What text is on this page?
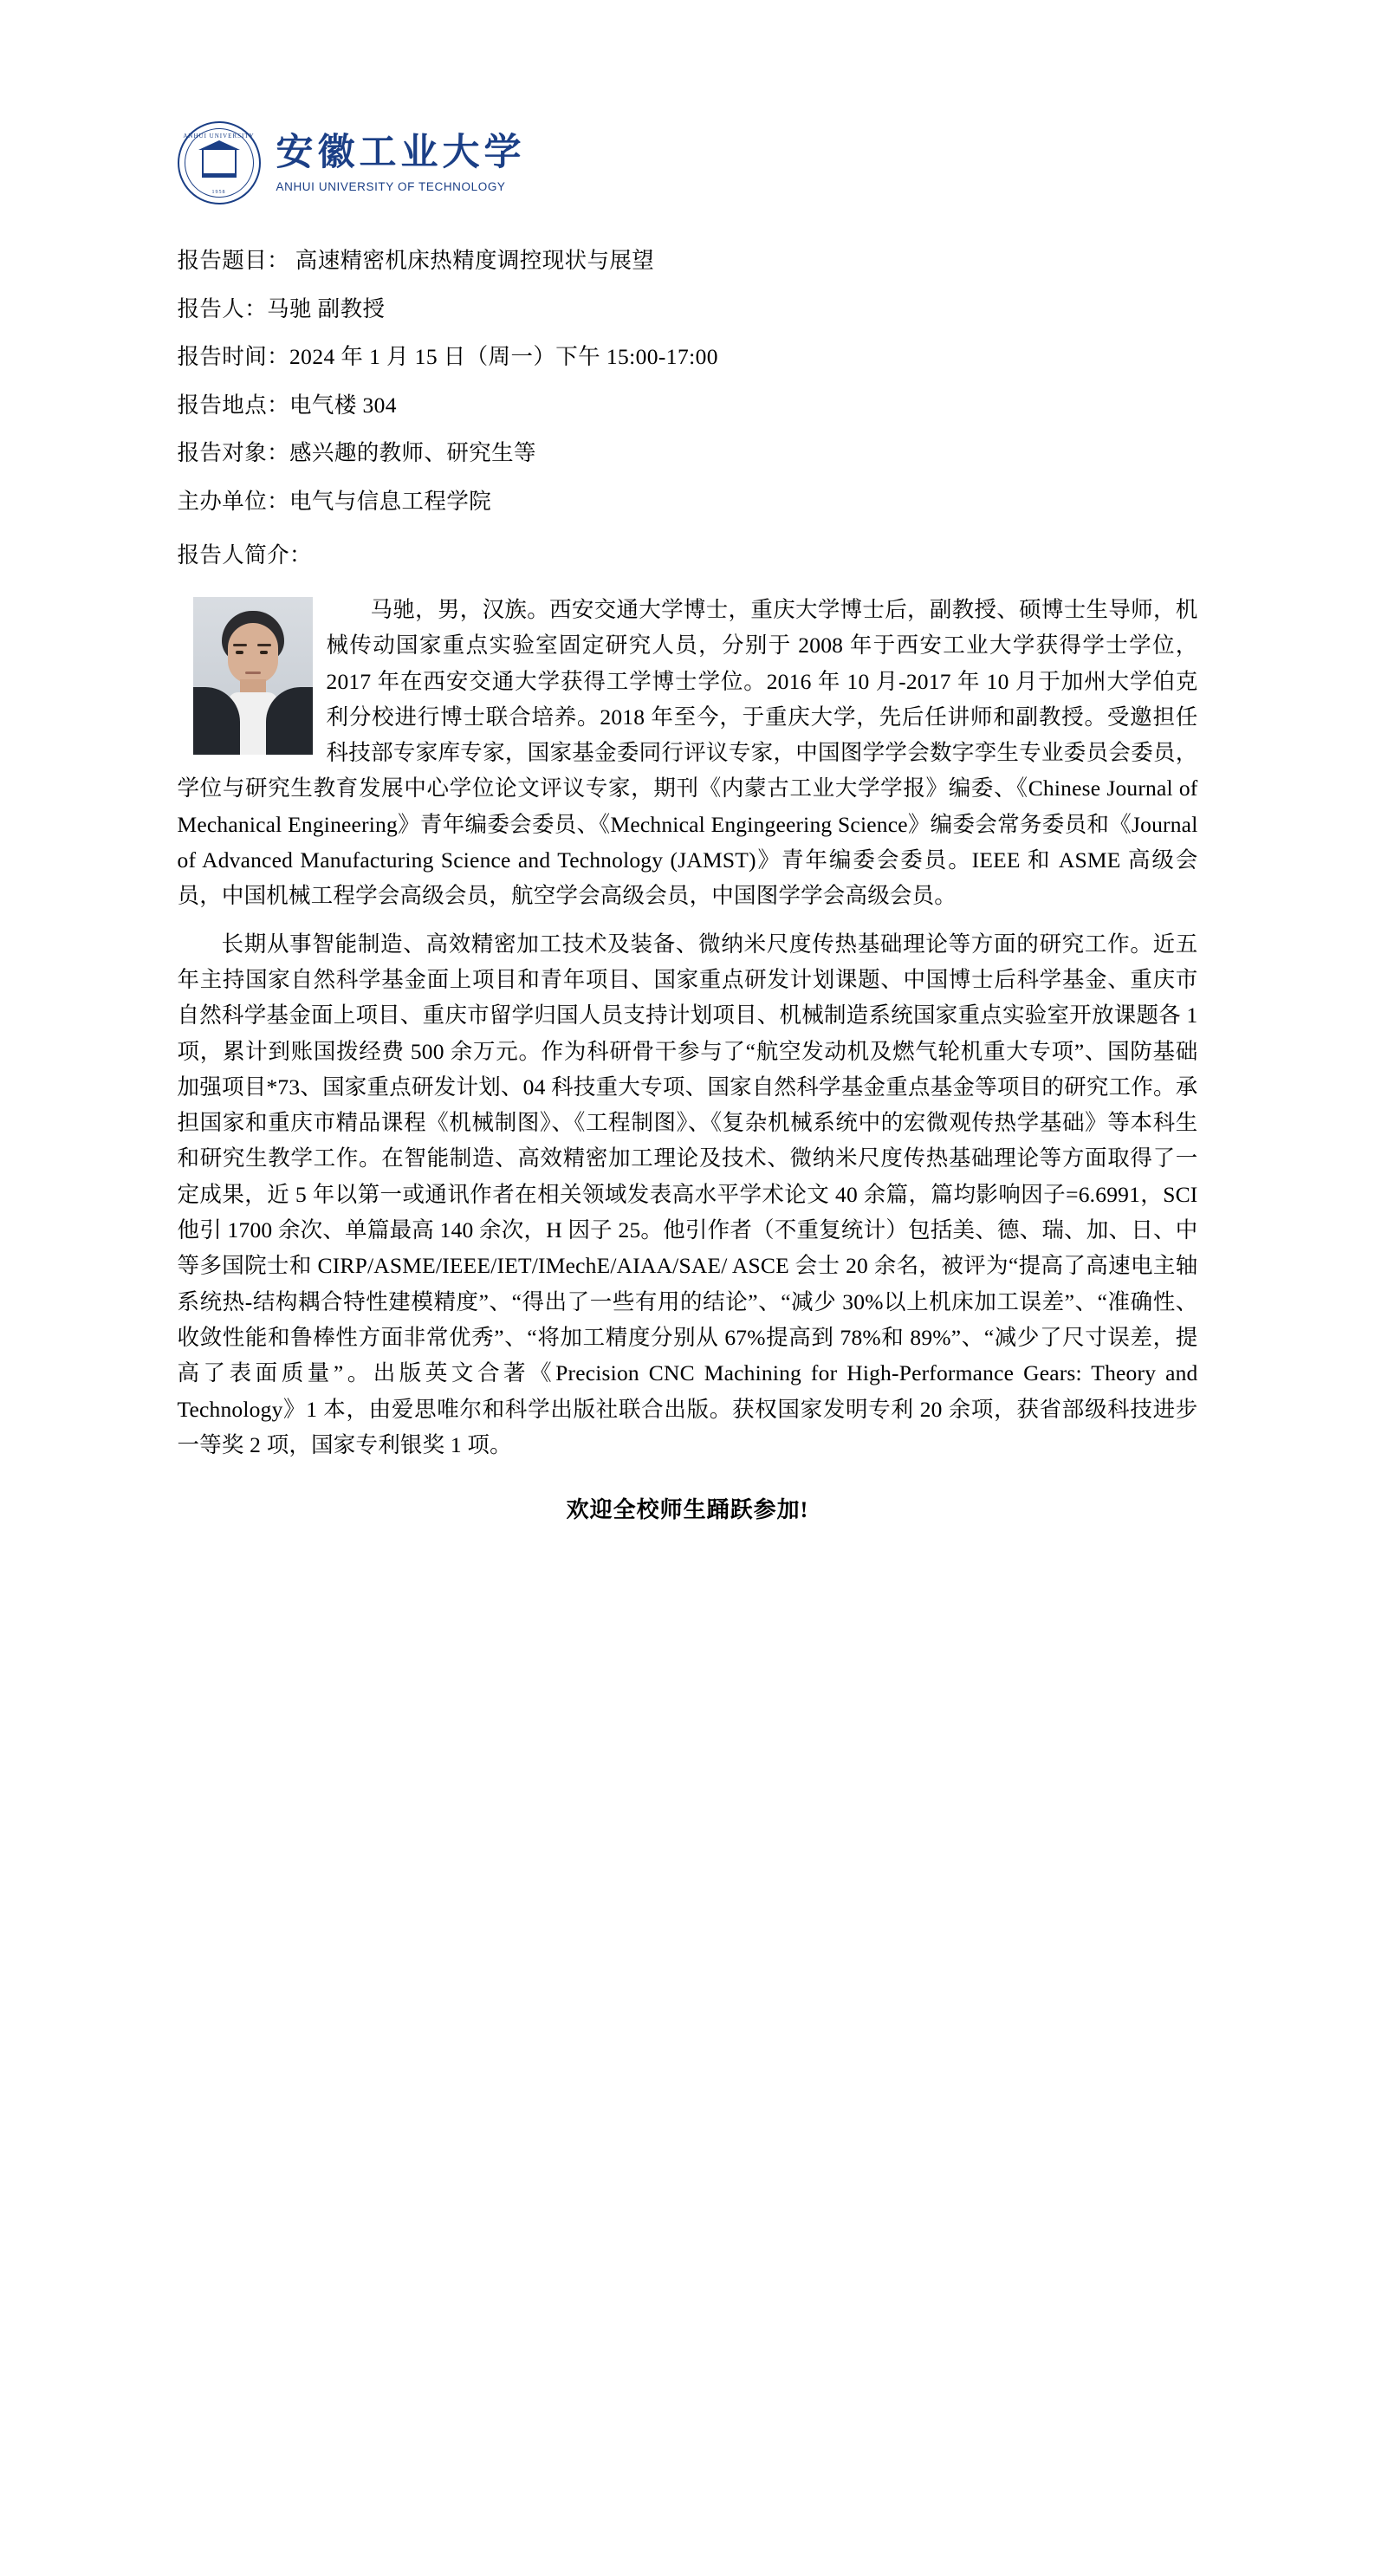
ANHUI UNIVERSITY
1958
安徽工业大学
ANHUI UNIVERSITY OF TECHNOLOGY
报告题目： 高速精密机床热精度调控现状与展望
报告人：马驰 副教授
报告时间：2024 年 1 月 15 日（周一）下午 15:00-17:00
报告地点：电气楼 304
报告对象：感兴趣的教师、研究生等
主办单位：电气与信息工程学院
报告人简介：

马驰，男，汉族。西安交通大学博士，重庆大学博士后，副教授、硕博士生导师，机械传动国家重点实验室固定研究人员，分别于 2008 年于西安工业大学获得学士学位，2017 年在西安交通大学获得工学博士学位。2016 年 10 月-2017 年 10 月于加州大学伯克利分校进行博士联合培养。2018 年至今，于重庆大学，先后任讲师和副教授。受邀担任科技部专家库专家，国家基金委同行评议专家，中国图学学会数字孪生专业委员会委员，学位与研究生教育发展中心学位论文评议专家，期刊《内蒙古工业大学学报》编委、《Chinese Journal of Mechanical Engineering》青年编委会委员、《Mechnical Engingeering Science》编委会常务委员和《Journal of Advanced Manufacturing Science and Technology (JAMST)》青年编委会委员。IEEE 和 ASME 高级会员，中国机械工程学会高级会员，航空学会高级会员，中国图学学会高级会员。

长期从事智能制造、高效精密加工技术及装备、微纳米尺度传热基础理论等方面的研究工作。近五年主持国家自然科学基金面上项目和青年项目、国家重点研发计划课题、中国博士后科学基金、重庆市自然科学基金面上项目、重庆市留学归国人员支持计划项目、机械制造系统国家重点实验室开放课题各 1 项，累计到账国拨经费 500 余万元。作为科研骨干参与了“航空发动机及燃气轮机重大专项”、国防基础加强项目*73、国家重点研发计划、04 科技重大专项、国家自然科学基金重点基金等项目的研究工作。承担国家和重庆市精品课程《机械制图》、《工程制图》、《复杂机械系统中的宏微观传热学基础》等本科生和研究生教学工作。在智能制造、高效精密加工理论及技术、微纳米尺度传热基础理论等方面取得了一定成果，近 5 年以第一或通讯作者在相关领域发表高水平学术论文 40 余篇，篇均影响因子=6.6991，SCI 他引 1700 余次、单篇最高 140 余次，H 因子 25。他引作者（不重复统计）包括美、德、瑞、加、日、中等多国院士和 CIRP/ASME/IEEE/IET/IMechE/AIAA/SAE/ ASCE 会士 20 余名，被评为“提高了高速电主轴系统热-结构耦合特性建模精度”、“得出了一些有用的结论”、“减少 30%以上机床加工误差”、“准确性、收敛性能和鲁棒性方面非常优秀”、“将加工精度分别从 67%提高到 78%和 89%”、“减少了尺寸误差，提高了表面质量”。出版英文合著《Precision CNC Machining for High-Performance Gears: Theory and Technology》1 本，由爱思唯尔和科学出版社联合出版。获权国家发明专利 20 余项，获省部级科技进步一等奖 2 项，国家专利银奖 1 项。

欢迎全校师生踊跃参加!
